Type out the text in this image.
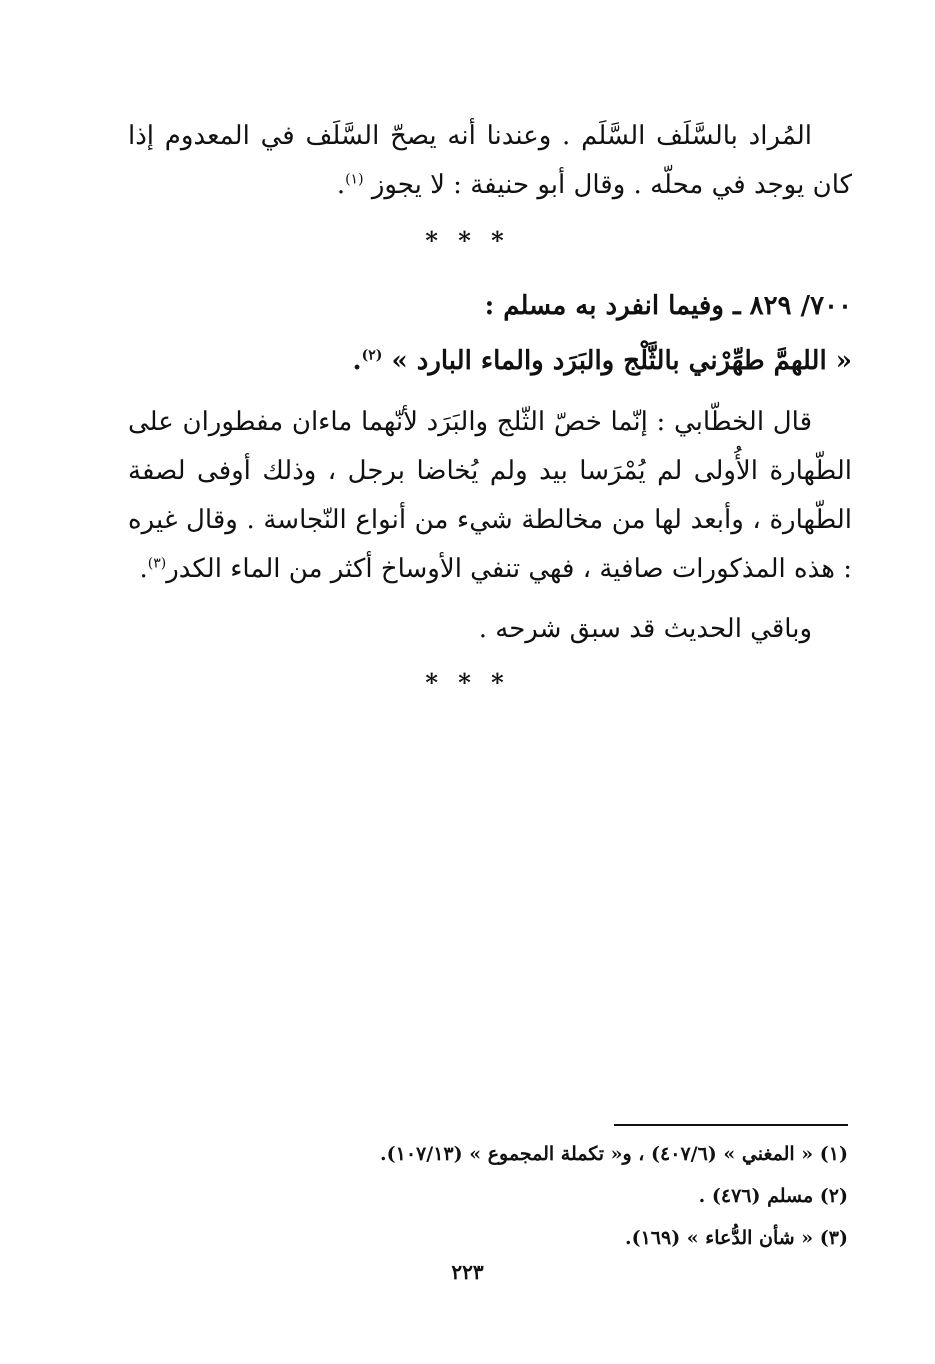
المُراد بالسَّلَف السَّلَم . وعندنا أنه يصحّ السَّلَف في المعدوم إذا كان يوجد في محلّه . وقال أبو حنيفة : لا يجوز $^{(١)}$.
* * *
٧٠٠/ ٨٢٩ ـ وفيما انفرد به مسلم :
« اللهمَّ طهِّرْني بالثَّلْج والبَرَد والماء البارد » $^{(٢)}$.
قال الخطّابي : إنّما خصّ الثّلج والبَرَد لأنّهما ماءان مفطوران على الطّهارة الأُولى لم يُمْرَسا بيد ولم يُخاضا برجل ، وذلك أوفى لصفة الطّهارة ، وأبعد لها من مخالطة شيء من أنواع النّجاسة . وقال غيره : هذه المذكورات صافية ، فهي تنفي الأوساخ أكثر من الماء الكدر$^{(٣)}$.
وباقي الحديث قد سبق شرحه .
* * *
(١) « المغني » (٤٠٧/٦) ، و« تكملة المجموع » (١٠٧/١٣).
(٢) مسلم (٤٧٦) .
(٣) « شأن الدُّعاء » (١٦٩).
٢٢٣
